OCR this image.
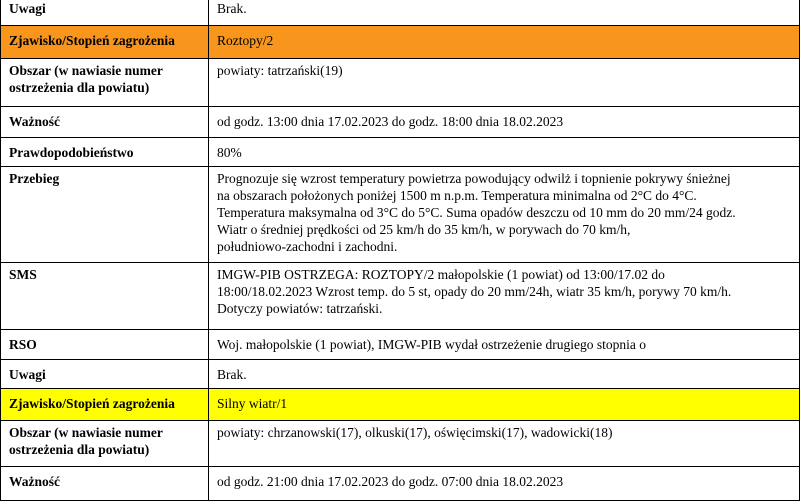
Uwagi	Brak.
Zjawisko/Stopień zagrożenia	Roztopy/2
Obszar (w nawiasie numer
ostrzeżenia dla powiatu)	powiaty: tatrzański(19)
Ważność	od godz. 13:00 dnia 17.02.2023 do godz. 18:00 dnia 18.02.2023
Prawdopodobieństwo	80%
Przebieg	Prognozuje się wzrost temperatury powietrza powodujący odwilż i topnienie pokrywy śnieżnej
na obszarach położonych poniżej 1500 m n.p.m. Temperatura minimalna od 2°C do 4°C.
Temperatura maksymalna od 3°C do 5°C. Suma opadów deszczu od 10 mm do 20 mm/24 godz.
Wiatr o średniej prędkości od 25 km/h do 35 km/h, w porywach do 70 km/h,
południowo-zachodni i zachodni.
SMS	IMGW-PIB OSTRZEGA: ROZTOPY/2 małopolskie (1 powiat) od 13:00/17.02 do
18:00/18.02.2023 Wzrost temp. do 5 st, opady do 20 mm/24h, wiatr 35 km/h, porywy 70 km/h.
Dotyczy powiatów: tatrzański.
RSO	Woj. małopolskie (1 powiat), IMGW-PIB wydał ostrzeżenie drugiego stopnia o
Uwagi	Brak.
Zjawisko/Stopień zagrożenia	Silny wiatr/1
Obszar (w nawiasie numer
ostrzeżenia dla powiatu)	powiaty: chrzanowski(17), olkuski(17), oświęcimski(17), wadowicki(18)
Ważność	od godz. 21:00 dnia 17.02.2023 do godz. 07:00 dnia 18.02.2023
